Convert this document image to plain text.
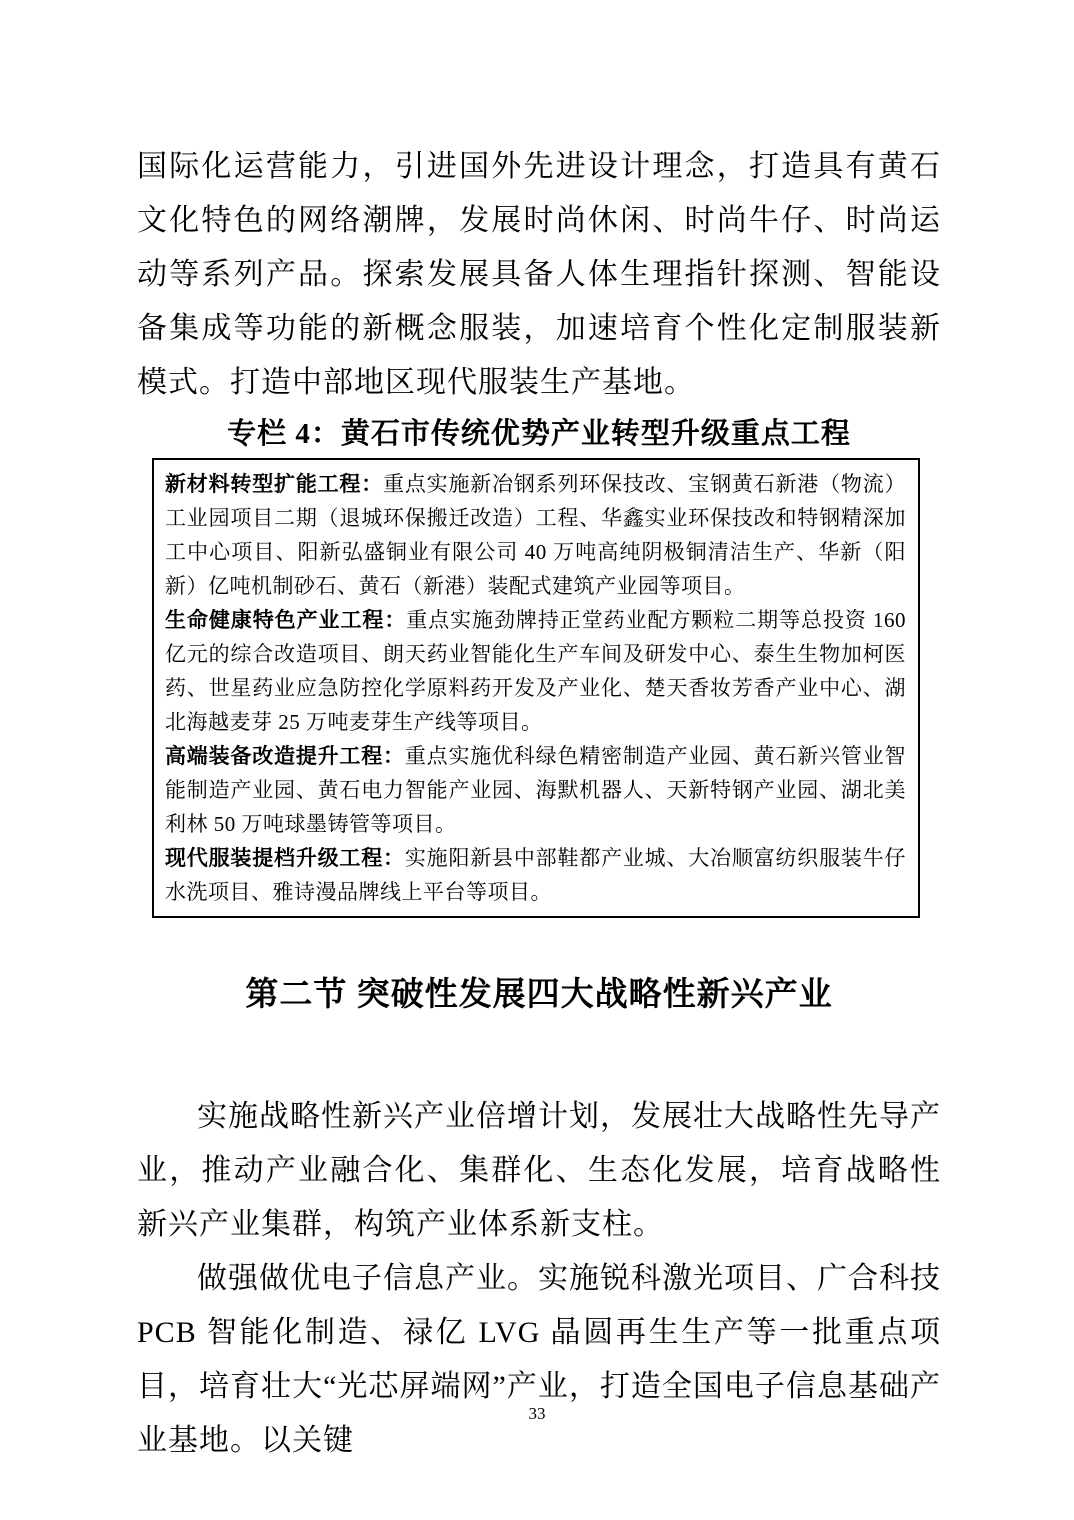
国际化运营能力，引进国外先进设计理念，打造具有黄石文化特色的网络潮牌，发展时尚休闲、时尚牛仔、时尚运动等系列产品。探索发展具备人体生理指针探测、智能设备集成等功能的新概念服装，加速培育个性化定制服装新模式。打造中部地区现代服装生产基地。

专栏 4：黄石市传统优势产业转型升级重点工程

新材料转型扩能工程：重点实施新冶钢系列环保技改、宝钢黄石新港（物流）工业园项目二期（退城环保搬迁改造）工程、华鑫实业环保技改和特钢精深加工中心项目、阳新弘盛铜业有限公司 40 万吨高纯阴极铜清洁生产、华新（阳新）亿吨机制砂石、黄石（新港）装配式建筑产业园等项目。

生命健康特色产业工程：重点实施劲牌持正堂药业配方颗粒二期等总投资 160 亿元的综合改造项目、朗天药业智能化生产车间及研发中心、泰生生物加柯医药、世星药业应急防控化学原料药开发及产业化、楚天香妆芳香产业中心、湖北海越麦芽 25 万吨麦芽生产线等项目。

高端装备改造提升工程：重点实施优科绿色精密制造产业园、黄石新兴管业智能制造产业园、黄石电力智能产业园、海默机器人、天新特钢产业园、湖北美利林 50 万吨球墨铸管等项目。

现代服装提档升级工程：实施阳新县中部鞋都产业城、大冶顺富纺织服装牛仔水洗项目、雅诗漫品牌线上平台等项目。

第二节 突破性发展四大战略性新兴产业

实施战略性新兴产业倍增计划，发展壮大战略性先导产业，推动产业融合化、集群化、生态化发展，培育战略性新兴产业集群，构筑产业体系新支柱。

做强做优电子信息产业。实施锐科激光项目、广合科技 PCB 智能化制造、禄亿 LVG 晶圆再生生产等一批重点项目，培育壮大“光芯屏端网”产业，打造全国电子信息基础产业基地。以关键

33
